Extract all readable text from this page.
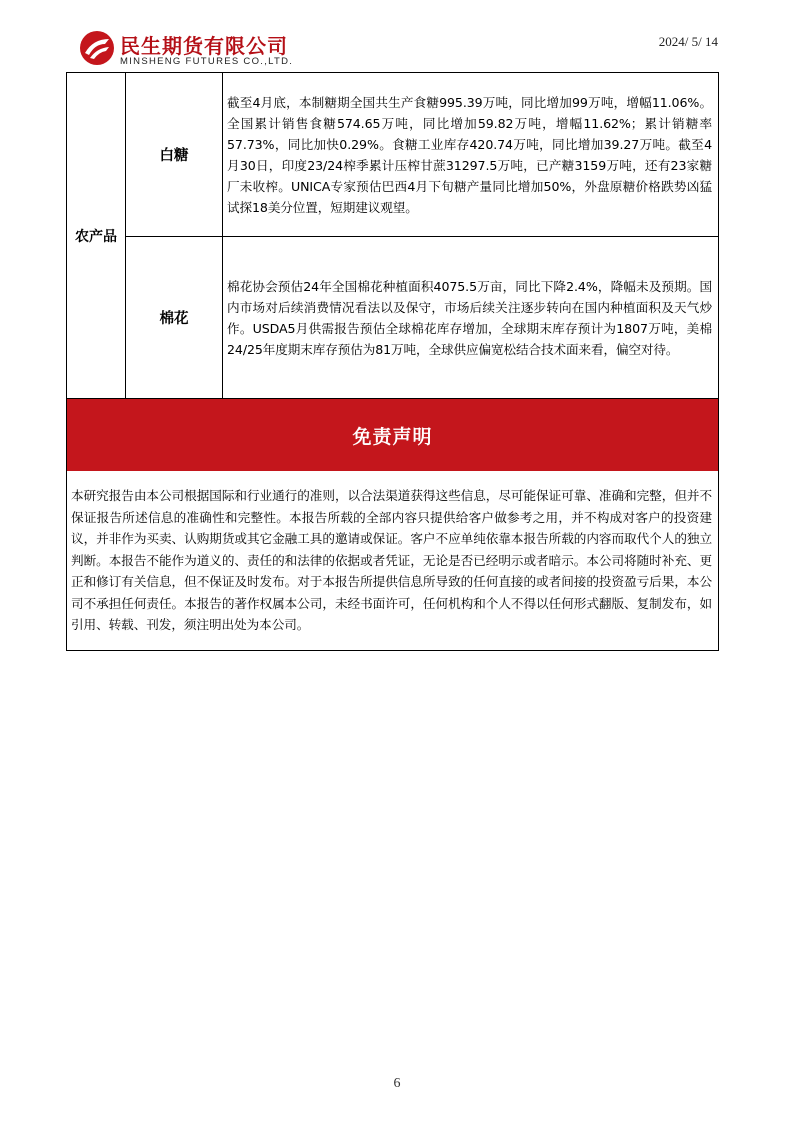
民生期货有限公司
MINSHENG FUTURES CO.,LTD.
2024/ 5/ 14
农产品	白糖	截至4月底，本制糖期全国共生产食糖995.39万吨，同比增加99万吨，增幅11.06%。全国累计销售食糖574.65万吨，同比增加59.82万吨，增幅11.62%；累计销糖率57.73%，同比加快0.29%。食糖工业库存420.74万吨，同比增加39.27万吨。截至4月30日，印度23/24榨季累计压榨甘蔗31297.5万吨，已产糖3159万吨，还有23家糖厂未收榨。UNICA专家预估巴西4月下旬糖产量同比增加50%，外盘原糖价格跌势凶猛试探18美分位置，短期建议观望。
	棉花	棉花协会预估24年全国棉花种植面积4075.5万亩，同比下降2.4%，降幅未及预期。国内市场对后续消费情况看法以及保守，市场后续关注逐步转向在国内种植面积及天气炒作。USDA5月供需报告预估全球棉花库存增加，全球期末库存预计为1807万吨，美棉24/25年度期末库存预估为81万吨，全球供应偏宽松结合技术面来看，偏空对待。
免责声明
本研究报告由本公司根据国际和行业通行的准则，以合法渠道获得这些信息，尽可能保证可靠、准确和完整，但并不保证报告所述信息的准确性和完整性。本报告所载的全部内容只提供给客户做参考之用，并不构成对客户的投资建议，并非作为买卖、认购期货或其它金融工具的邀请或保证。客户不应单纯依靠本报告所载的内容而取代个人的独立判断。本报告不能作为道义的、责任的和法律的依据或者凭证，无论是否已经明示或者暗示。本公司将随时补充、更正和修订有关信息，但不保证及时发布。对于本报告所提供信息所导致的任何直接的或者间接的投资盈亏后果，本公司不承担任何责任。本报告的著作权属本公司，未经书面许可，任何机构和个人不得以任何形式翻版、复制发布，如引用、转载、刊发，须注明出处为本公司。
6
